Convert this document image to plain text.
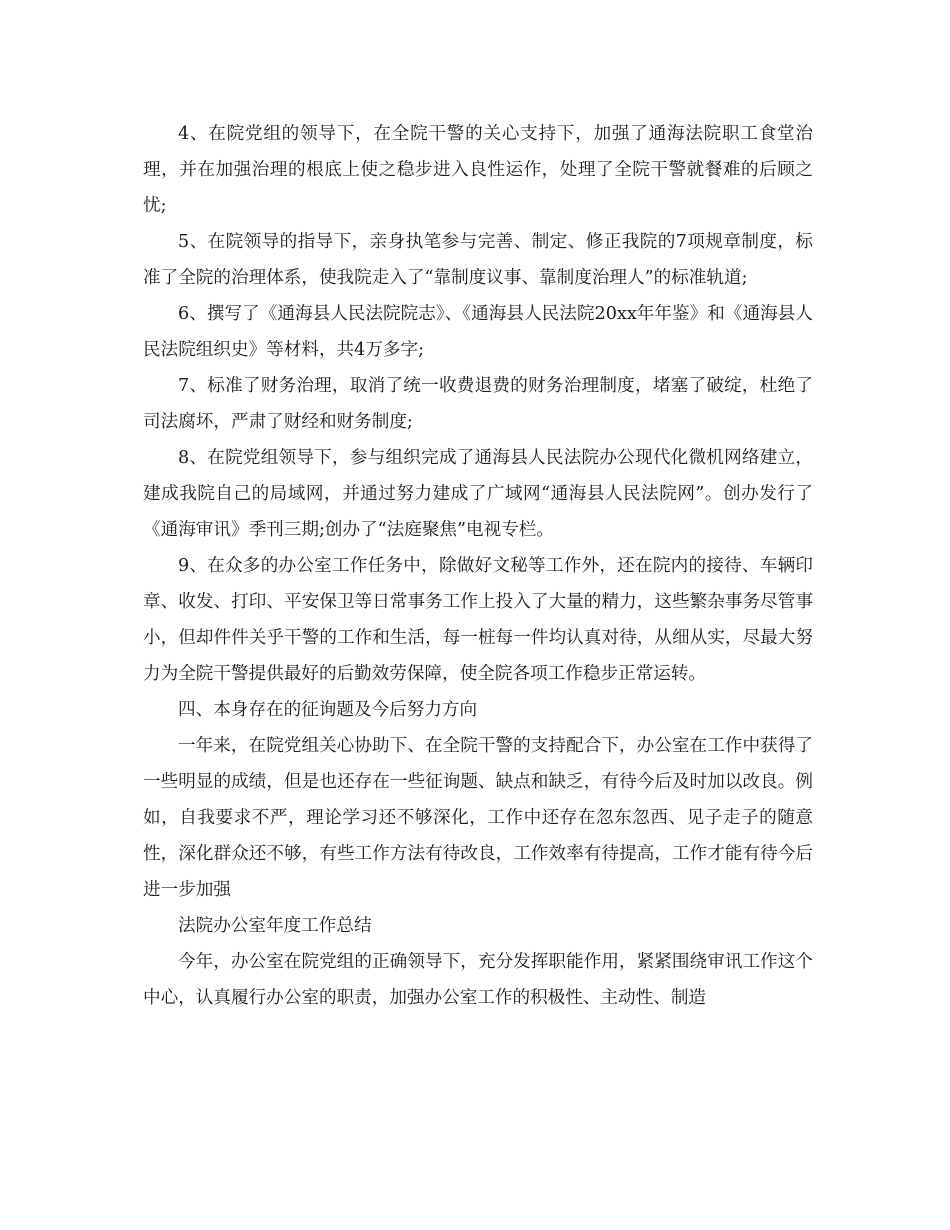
4、在院党组的领导下，在全院干警的关心支持下，加强了通海法院职工食堂治理，并在加强治理的根底上使之稳步进入良性运作，处理了全院干警就餐难的后顾之忧;

5、在院领导的指导下，亲身执笔参与完善、制定、修正我院的7项规章制度，标准了全院的治理体系，使我院走入了“靠制度议事、靠制度治理人”的标准轨道;

6、撰写了《通海县人民法院院志》、《通海县人民法院20xx年年鉴》和《通海县人民法院组织史》等材料，共4万多字;

7、标准了财务治理，取消了统一收费退费的财务治理制度，堵塞了破绽，杜绝了司法腐坏，严肃了财经和财务制度;

8、在院党组领导下，参与组织完成了通海县人民法院办公现代化微机网络建立，建成我院自己的局域网，并通过努力建成了广域网“通海县人民法院网”。创办发行了《通海审讯》季刊三期;创办了“法庭聚焦”电视专栏。

9、在众多的办公室工作任务中，除做好文秘等工作外，还在院内的接待、车辆印章、收发、打印、平安保卫等日常事务工作上投入了大量的精力，这些繁杂事务尽管事小，但却件件关乎干警的工作和生活，每一桩每一件均认真对待，从细从实，尽最大努力为全院干警提供最好的后勤效劳保障，使全院各项工作稳步正常运转。

四、本身存在的征询题及今后努力方向

一年来，在院党组关心协助下、在全院干警的支持配合下，办公室在工作中获得了一些明显的成绩，但是也还存在一些征询题、缺点和缺乏，有待今后及时加以改良。例如，自我要求不严，理论学习还不够深化，工作中还存在忽东忽西、见子走子的随意性，深化群众还不够，有些工作方法有待改良，工作效率有待提高，工作才能有待今后进一步加强

法院办公室年度工作总结

今年，办公室在院党组的正确领导下，充分发挥职能作用，紧紧围绕审讯工作这个中心，认真履行办公室的职责，加强办公室工作的积极性、主动性、制造
